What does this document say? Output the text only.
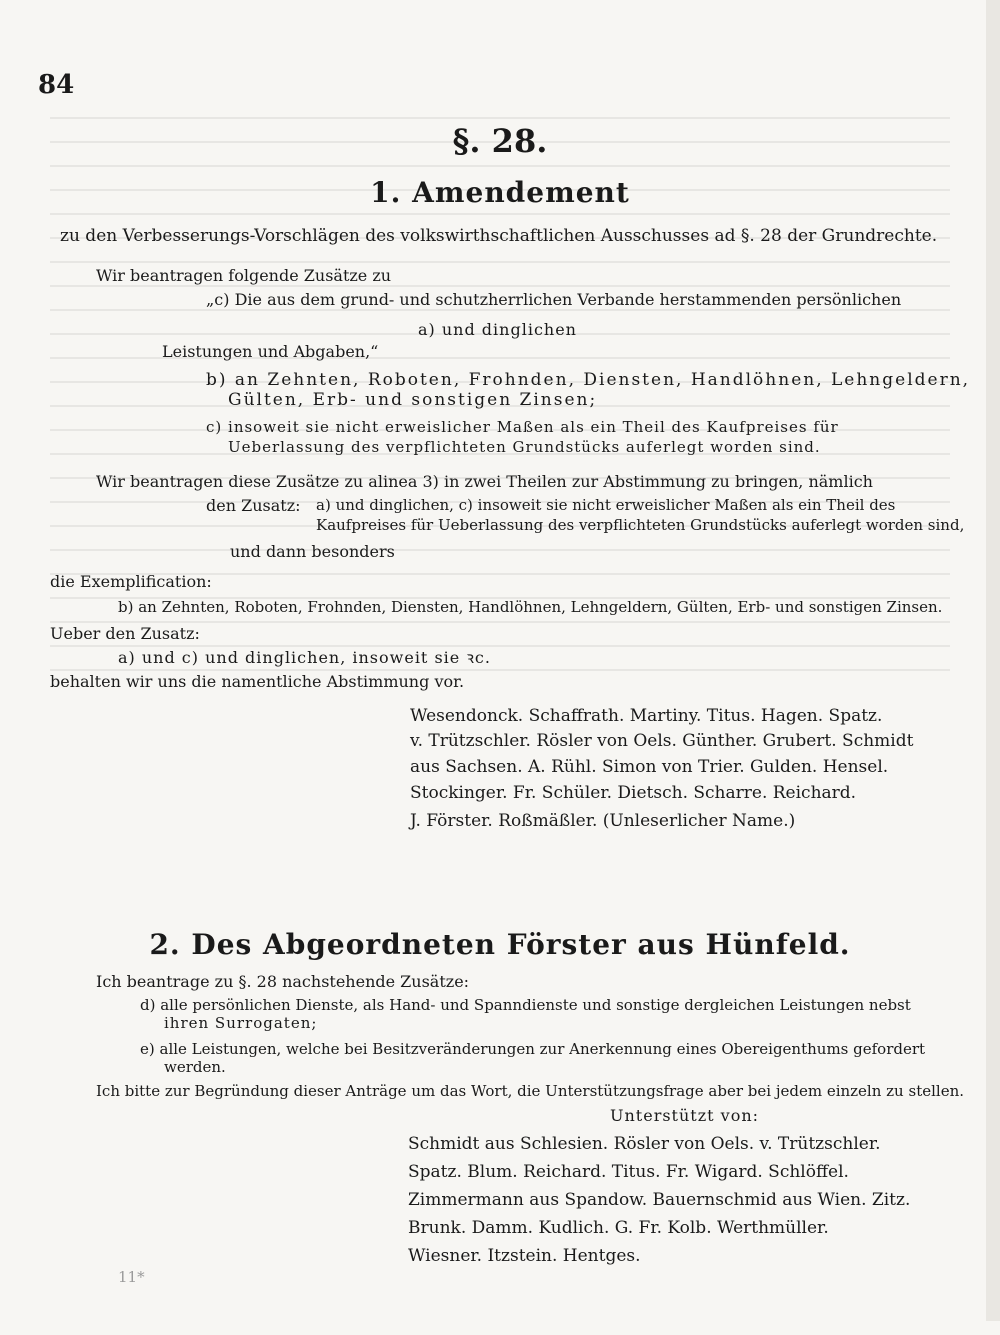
84
§. 28.
1. Amendement
zu den Verbesserungs-Vorschlägen des volkswirthschaftlichen Ausschusses ad §. 28 der Grundrechte.
Wir beantragen folgende Zusätze zu
„c) Die aus dem grund- und schutzherrlichen Verbande herstammenden persönlichen
a) und dinglichen
Leistungen und Abgaben,“
b) an Zehnten, Roboten, Frohnden, Diensten, Handlöhnen, Lehngeldern,
Gülten, Erb- und sonstigen Zinsen;
c) insoweit sie nicht erweislicher Maßen als ein Theil des Kaufpreises für
Ueberlassung des verpflichteten Grundstücks auferlegt worden sind.
Wir beantragen diese Zusätze zu alinea 3) in zwei Theilen zur Abstimmung zu bringen, nämlich
den Zusatz: a) und dinglichen, c) insoweit sie nicht erweislicher Maßen als ein Theil des
Kaufpreises für Ueberlassung des verpflichteten Grundstücks auferlegt worden sind,
und dann besonders
die Exemplification:
b) an Zehnten, Roboten, Frohnden, Diensten, Handlöhnen, Lehngeldern, Gülten, Erb- und sonstigen Zinsen.
Ueber den Zusatz:
a) und c) und dinglichen, insoweit sie ꝛc.
behalten wir uns die namentliche Abstimmung vor.
Wesendonck. Schaffrath. Martiny. Titus. Hagen. Spatz.
v. Trützschler. Rösler von Oels. Günther. Grubert. Schmidt
aus Sachsen. A. Rühl. Simon von Trier. Gulden. Hensel.
Stockinger. Fr. Schüler. Dietsch. Scharre. Reichard.
J. Förster. Roßmäßler. (Unleserlicher Name.)
2. Des Abgeordneten Förster aus Hünfeld.
Ich beantrage zu §. 28 nachstehende Zusätze:
d) alle persönlichen Dienste, als Hand- und Spanndienste und sonstige dergleichen Leistungen nebst
ihren Surrogaten;
e) alle Leistungen, welche bei Besitzveränderungen zur Anerkennung eines Obereigenthums gefordert
werden.
Ich bitte zur Begründung dieser Anträge um das Wort, die Unterstützungsfrage aber bei jedem einzeln zu stellen.
Unterstützt von:
Schmidt aus Schlesien. Rösler von Oels. v. Trützschler.
Spatz. Blum. Reichard. Titus. Fr. Wigard. Schlöffel.
Zimmermann aus Spandow. Bauernschmid aus Wien. Zitz.
Brunk. Damm. Kudlich. G. Fr. Kolb. Werthmüller.
Wiesner. Itzstein. Hentges.
11*
